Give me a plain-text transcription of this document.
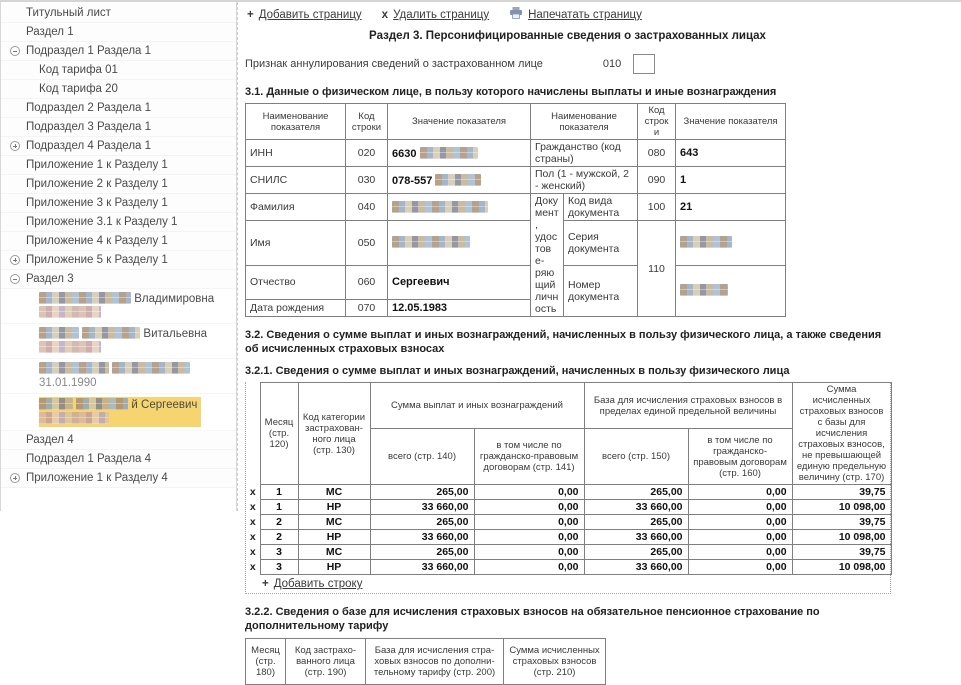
Титульный лист
Раздел 1
Подраздел 1 Раздела 1
Код тарифа 01
Код тарифа 20
Подраздел 2 Раздела 1
Подраздел 3 Раздела 1
Подраздел 4 Раздела 1
Приложение 1 к Разделу 1
Приложение 2 к Разделу 1
Приложение 3 к Разделу 1
Приложение 3.1 к Разделу 1
Приложение 4 к Разделу 1
Приложение 5 к Разделу 1
Раздел 3
Владимировна
Витальевна

31.01.1990
й Сергеевич
Раздел 4
Подраздел 1 Раздела 4
Приложение 1 к Разделу 4
+ Добавить страницу x Удалить страницу	Напечатать страницу
Раздел 3. Персонифицированные сведения о застрахованных лицах
Признак аннулирования сведений о застрахованном лице	010
3.1. Данные о физическом лице, в пользу которого начислены выплаты и иные вознаграждения
Наименование показателя	Код строки	Значение показателя	Наименование показателя		Код строки	Значение показателя
ИНН	020	6630	Гражданство (код страны)		080	643
СНИЛС	030	078-557	Пол (1 - мужской, 2 - женский)		090	1
Фамилия	040		Документ, удостоверяющий личность	Код вида документа	100	21
Имя	050			Серия документа	110	
Отчество	060	Сергеевич		Номер документа		
Дата рождения	070	12.05.1983				
3.2. Сведения о сумме выплат и иных вознаграждений, начисленных в пользу физического лица, а также сведения об исчисленных страховых взносах
3.2.1. Сведения о сумме выплат и иных вознаграждений, начисленных в пользу физического лица
	Месяц (стр. 120)	Код категории застрахованного лица (стр. 130)	Сумма выплат и иных вознаграждений		База для исчисления страховых взносов в пределах единой предельной величины		Сумма исчисленных страховых взносов с базы для исчисления страховых взносов, не превышающей единую предельную величину (стр. 170)
			всего (стр. 140)	в том числе по гражданско-правовым договорам (стр. 141)	всего (стр. 150)	в том числе по гражданско-правовым договорам (стр. 160)	
x	1	МС	265,00	0,00	265,00	0,00	39,75
x	1	НР	33 660,00	0,00	33 660,00	0,00	10 098,00
x	2	МС	265,00	0,00	265,00	0,00	39,75
x	2	НР	33 660,00	0,00	33 660,00	0,00	10 098,00
x	3	МС	265,00	0,00	265,00	0,00	39,75
x	3	НР	33 660,00	0,00	33 660,00	0,00	10 098,00
+ Добавить строку
3.2.2. Сведения о базе для исчисления страховых взносов на обязательное пенсионное страхование по дополнительному тарифу
Месяц (стр. 180)	Код застрахованного лица (стр. 190)	База для исчисления страховых взносов по дополнительному тарифу (стр. 200)	Сумма исчисленных страховых взносов (стр. 210)
